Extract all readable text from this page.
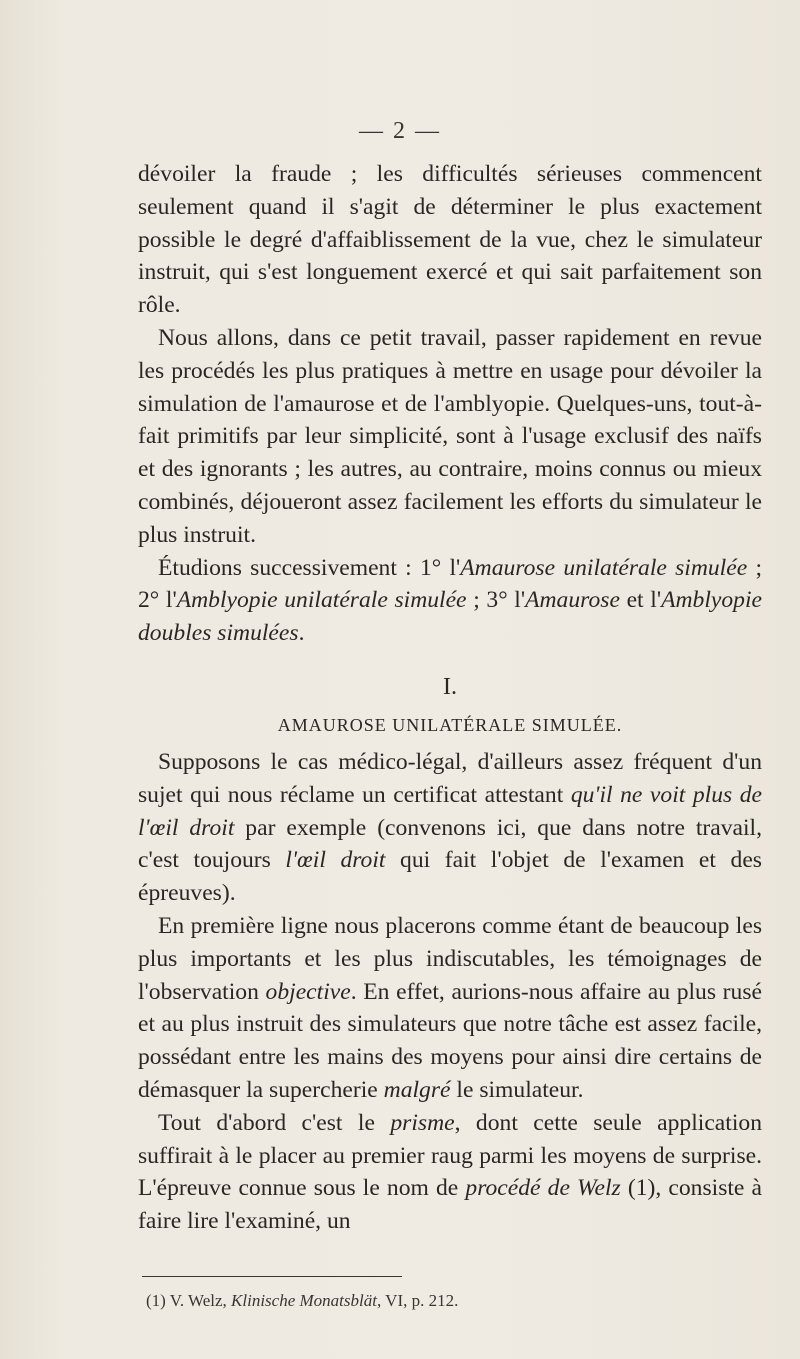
— 2 —

dévoiler la fraude ; les difficultés sérieuses commencent seulement quand il s'agit de déterminer le plus exactement possible le degré d'affaiblissement de la vue, chez le simulateur instruit, qui s'est longuement exercé et qui sait parfaitement son rôle.

Nous allons, dans ce petit travail, passer rapidement en revue les procédés les plus pratiques à mettre en usage pour dévoiler la simulation de l'amaurose et de l'amblyopie. Quelques-uns, tout-à-fait primitifs par leur simplicité, sont à l'usage exclusif des naïfs et des ignorants ; les autres, au contraire, moins connus ou mieux combinés, déjoueront assez facilement les efforts du simulateur le plus instruit.

Étudions successivement : 1° l'Amaurose unilatérale simulée ; 2° l'Amblyopie unilatérale simulée ; 3° l'Amaurose et l'Amblyopie doubles simulées.

I.
AMAUROSE UNILATÉRALE SIMULÉE.

Supposons le cas médico-légal, d'ailleurs assez fréquent d'un sujet qui nous réclame un certificat attestant qu'il ne voit plus de l'œil droit par exemple (convenons ici, que dans notre travail, c'est toujours l'œil droit qui fait l'objet de l'examen et des épreuves).

En première ligne nous placerons comme étant de beaucoup les plus importants et les plus indiscutables, les témoignages de l'observation objective. En effet, aurions-nous affaire au plus rusé et au plus instruit des simulateurs que notre tâche est assez facile, possédant entre les mains des moyens pour ainsi dire certains de démasquer la supercherie malgré le simulateur.

Tout d'abord c'est le prisme, dont cette seule application suffirait à le placer au premier raug parmi les moyens de surprise. L'épreuve connue sous le nom de procédé de Welz (1), consiste à faire lire l'examiné, un

(1) V. Welz, Klinische Monatsblät, VI, p. 212.
